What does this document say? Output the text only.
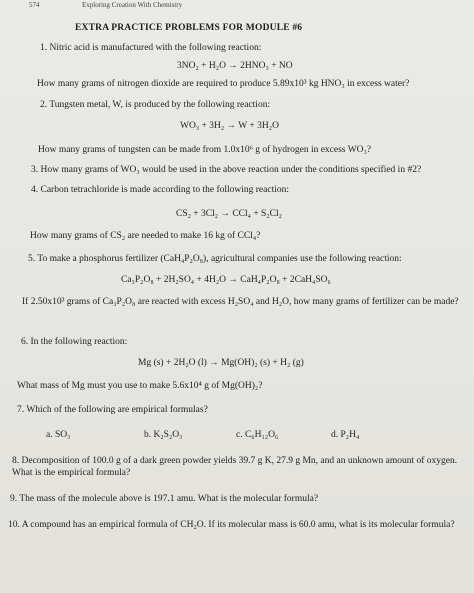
574	Exploring Creation With Chemistry
EXTRA PRACTICE PROBLEMS FOR MODULE #6
1. Nitric acid is manufactured with the following reaction:
3NO₂ + H₂O → 2HNO₃ + NO
How many grams of nitrogen dioxide are required to produce 5.89x10³ kg HNO₃ in excess water?
2. Tungsten metal, W, is produced by the following reaction:
WO₃ + 3H₂ → W + 3H₂O
How many grams of tungsten can be made from 1.0x10⁶ g of hydrogen in excess WO₃?
3. How many grams of WO₃ would be used in the above reaction under the conditions specified in #2?
4. Carbon tetrachloride is made according to the following reaction:
CS₂ + 3Cl₂ → CCl₄ + S₂Cl₂
How many grams of CS₂ are needed to make 16 kg of CCl₄?
5. To make a phosphorus fertilizer (CaH₄P₂O₈), agricultural companies use the following reaction:
Ca₃P₂O₈ + 2H₂SO₄ + 4H₂O → CaH₄P₂O₈ + 2CaH₄SO₆
If 2.50x10³ grams of Ca₃P₂O₈ are reacted with excess H₂SO₄ and H₂O, how many grams of fertilizer can be made?
6. In the following reaction:
Mg (s) + 2H₂O (l) → Mg(OH)₂ (s) + H₂ (g)
What mass of Mg must you use to make 5.6x10⁴ g of Mg(OH)₂?
7. Which of the following are empirical formulas?
a. SO₃	b. K₂S₂O₃	c. C₆H₁₂O₆	d. P₂H₄
8. Decomposition of 100.0 g of a dark green powder yields 39.7 g K, 27.9 g Mn, and an unknown amount of oxygen. What is the empirical formula?
9. The mass of the molecule above is 197.1 amu. What is the molecular formula?
10. A compound has an empirical formula of CH₂O. If its molecular mass is 60.0 amu, what is its molecular formula?
